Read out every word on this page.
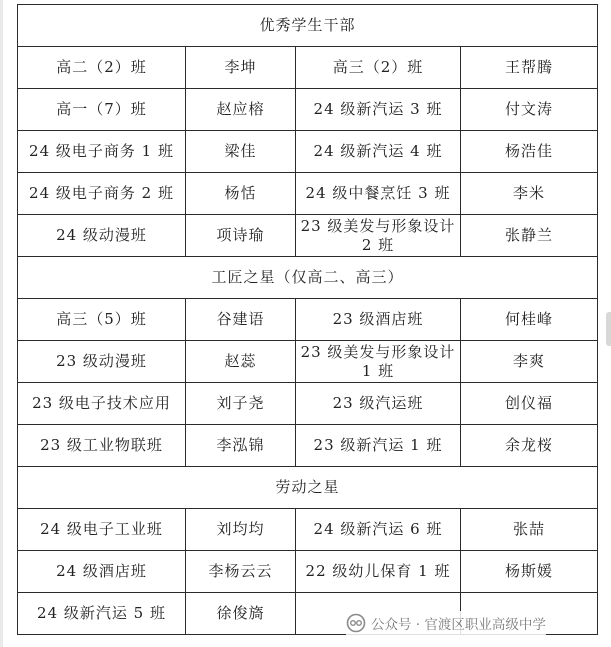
优秀学生干部			
高二（2）班	李坤	高三（2）班	王帮腾
高一（7）班	赵应榕	24 级新汽运 3 班	付文涛
24 级电子商务 1 班	梁佳	24 级新汽运 4 班	杨浩佳
24 级电子商务 2 班	杨恬	24 级中餐烹饪 3 班	李米
24 级动漫班	项诗瑜	23 级美发与形象设计 2 班	张静兰
工匠之星（仅高二、高三）			
高三（5）班	谷建语	23 级酒店班	何桂峰
23 级动漫班	赵蕊	23 级美发与形象设计 1 班	李爽
23 级电子技术应用	刘子尧	23 级汽运班	创仪福
23 级工业物联班	李泓锦	23 级新汽运 1 班	余龙桜
劳动之星			
24 级电子工业班	刘均均	24 级新汽运 6 班	张喆
24 级酒店班	李杨云云	22 级幼儿保育 1 班	杨斯媛
24 级新汽运 5 班	徐俊旖		
公众号 · 官渡区职业高级中学
